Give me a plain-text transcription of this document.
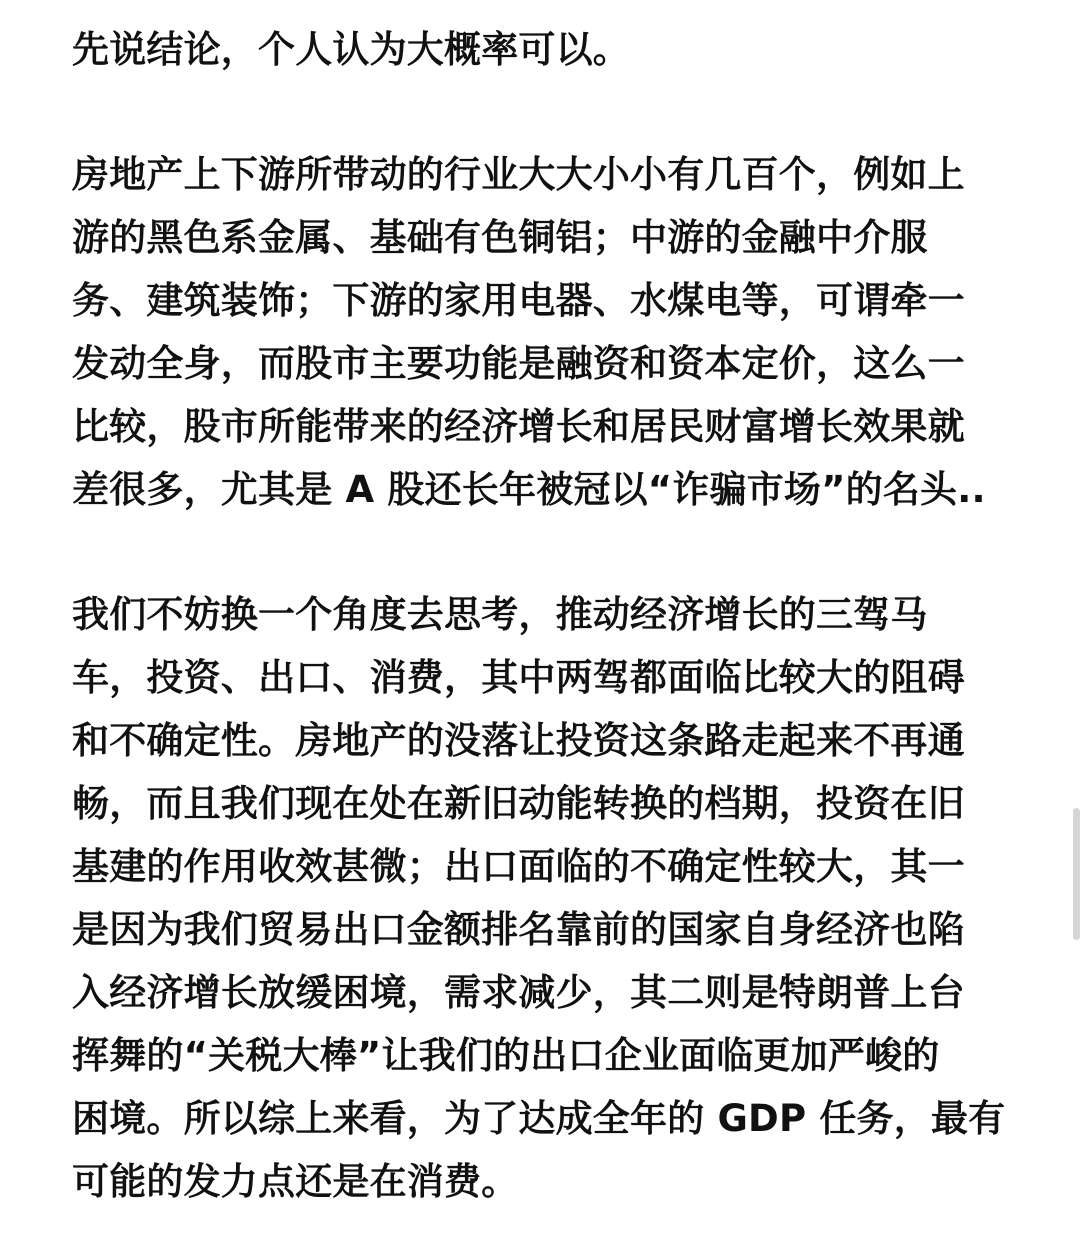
先说结论，个人认为大概率可以。
房地产上下游所带动的行业大大小小有几百个，例如上
游的黑色系金属、基础有色铜铝；中游的金融中介服
务、建筑装饰；下游的家用电器、水煤电等，可谓牵一
发动全身，而股市主要功能是融资和资本定价，这么一
比较，股市所能带来的经济增长和居民财富增长效果就
差很多，尤其是 A 股还长年被冠以“诈骗市场”的名头..
我们不妨换一个角度去思考，推动经济增长的三驾马
车，投资、出口、消费，其中两驾都面临比较大的阻碍
和不确定性。房地产的没落让投资这条路走起来不再通
畅，而且我们现在处在新旧动能转换的档期，投资在旧
基建的作用收效甚微；出口面临的不确定性较大，其一
是因为我们贸易出口金额排名靠前的国家自身经济也陷
入经济增长放缓困境，需求减少，其二则是特朗普上台
挥舞的“关税大棒”让我们的出口企业面临更加严峻的
困境。所以综上来看，为了达成全年的 GDP 任务，最有
可能的发力点还是在消费。
